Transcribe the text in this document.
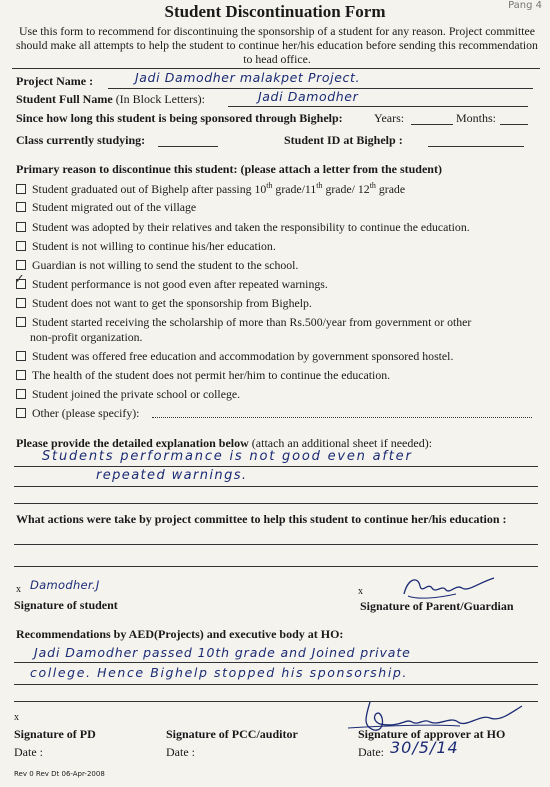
Pang 4
Student Discontinuation Form
Use this form to recommend for discontinuing the sponsorship of a student for any reason. Project committee should make all attempts to help the student to continue her/his education before sending this recommendation to head office.
Project Name :	Jadi Damodher malakpet Project.
Student Full Name (In Block Letters):	Jadi Damodher
Since how long this student is being sponsored through Bighelp:	Years:	Months:
Class currently studying:	Student ID at Bighelp :
Primary reason to discontinue this student: (please attach a letter from the student)
Student graduated out of Bighelp after passing 10th grade/11th grade/ 12th grade
Student migrated out of the village
Student was adopted by their relatives and taken the responsibility to continue the education.
Student is not willing to continue his/her education.
Guardian is not willing to send the student to the school.
Student performance is not good even after repeated warnings.
✓
Student does not want to get the sponsorship from Bighelp.
Student started receiving the scholarship of more than Rs.500/year from government or other
non-profit organization.
Student was offered free education and accommodation by government sponsored hostel.
The health of the student does not permit her/him to continue the education.
Student joined the private school or college.
Other (please specify):
Please provide the detailed explanation below (attach an additional sheet if needed):
Students performance is not good even after
repeated warnings.
What actions were take by project committee to help this student to continue her/his education :
x Damodher.J
Signature of student
x
Signature of Parent/Guardian
Recommendations by AED(Projects) and executive body at HO:
Jadi Damodher passed 10th grade and Joined private
college. Hence Bighelp stopped his sponsorship.
x
Signature of PD
Date :
Signature of PCC/auditor
Date :
Signature of approver at HO
Date: 30/5/14
Rev 0 Rev Dt 06-Apr-2008
